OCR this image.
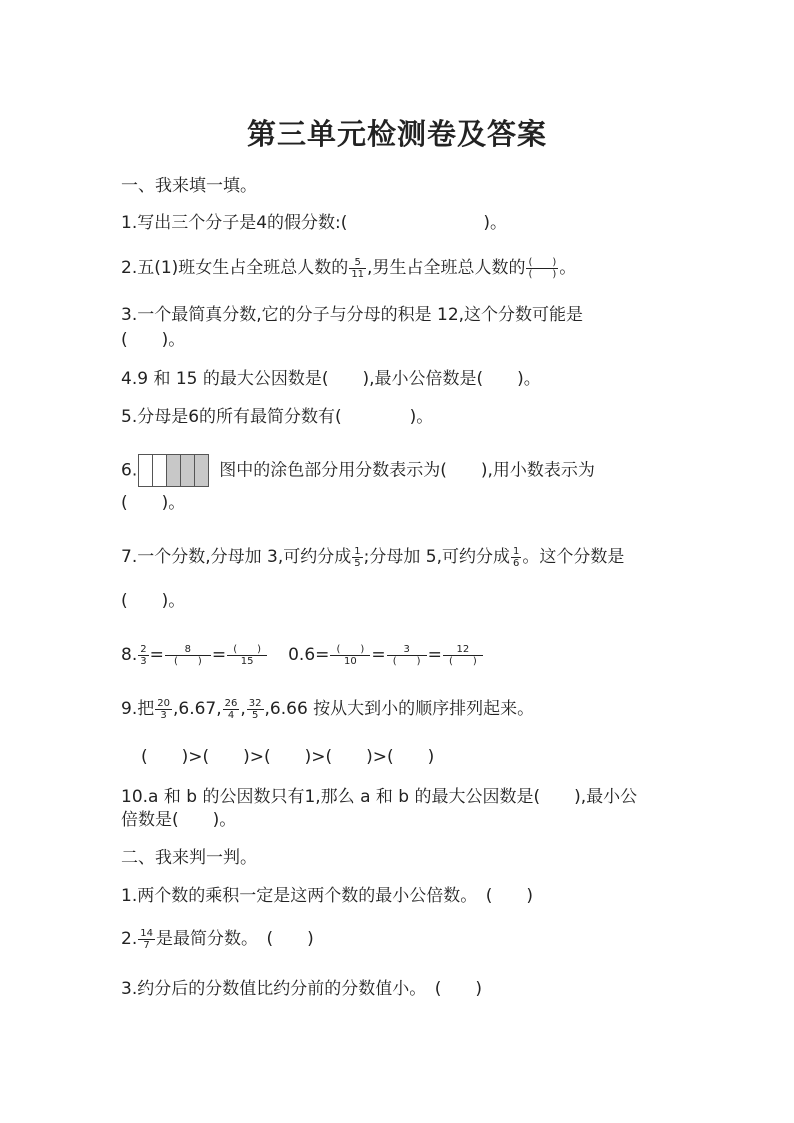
第三单元检测卷及答案
一、我来填一填。
1.写出三个分子是4的假分数:(　　　　　　　　)。
2.五(1)班女生占全班总人数的 $\frac{5}{11}$ ,男生占全班总人数的 $\frac{( )}{( )}$ 。
3.一个最简真分数,它的分子与分母的积是 12,这个分数可能是
(　　)。
4.9 和 15 的最大公因数是(　　),最小公倍数是(　　)。
5.分母是6的所有最简分数有(　　　　)。
6.	图中的涂色部分用分数表示为(　　),用小数表示为
(　　)。
7.一个分数,分母加 3,可约分成 $\frac{1}{5}$ ;分母加 5,可约分成 $\frac{1}{6}$ 。这个分数是
(　　)。
8. $\frac{2}{3} = \frac{8}{( )} = \frac{( )}{15} 0.6= \frac{( )}{10} = \frac{3}{( )} = \frac{12}{( )}$
9.把 $\frac{20}{3} ,6.67$, $\frac{26}{4}$ , $\frac{32}{5} ,6.66$ 按从大到小的顺序排列起来。
(　　)>(　　)>(　　)>(　　)>(　　)
10.a 和 b 的公因数只有1,那么 a 和 b 的最大公因数是(　　),最小公
倍数是(　　)。
二、我来判一判。
1.两个数的乘积一定是这两个数的最小公倍数。　(　　)
2. $\frac{14}{7}$ 是最简分数。　(　　)
3.约分后的分数值比约分前的分数值小。　(　　)
